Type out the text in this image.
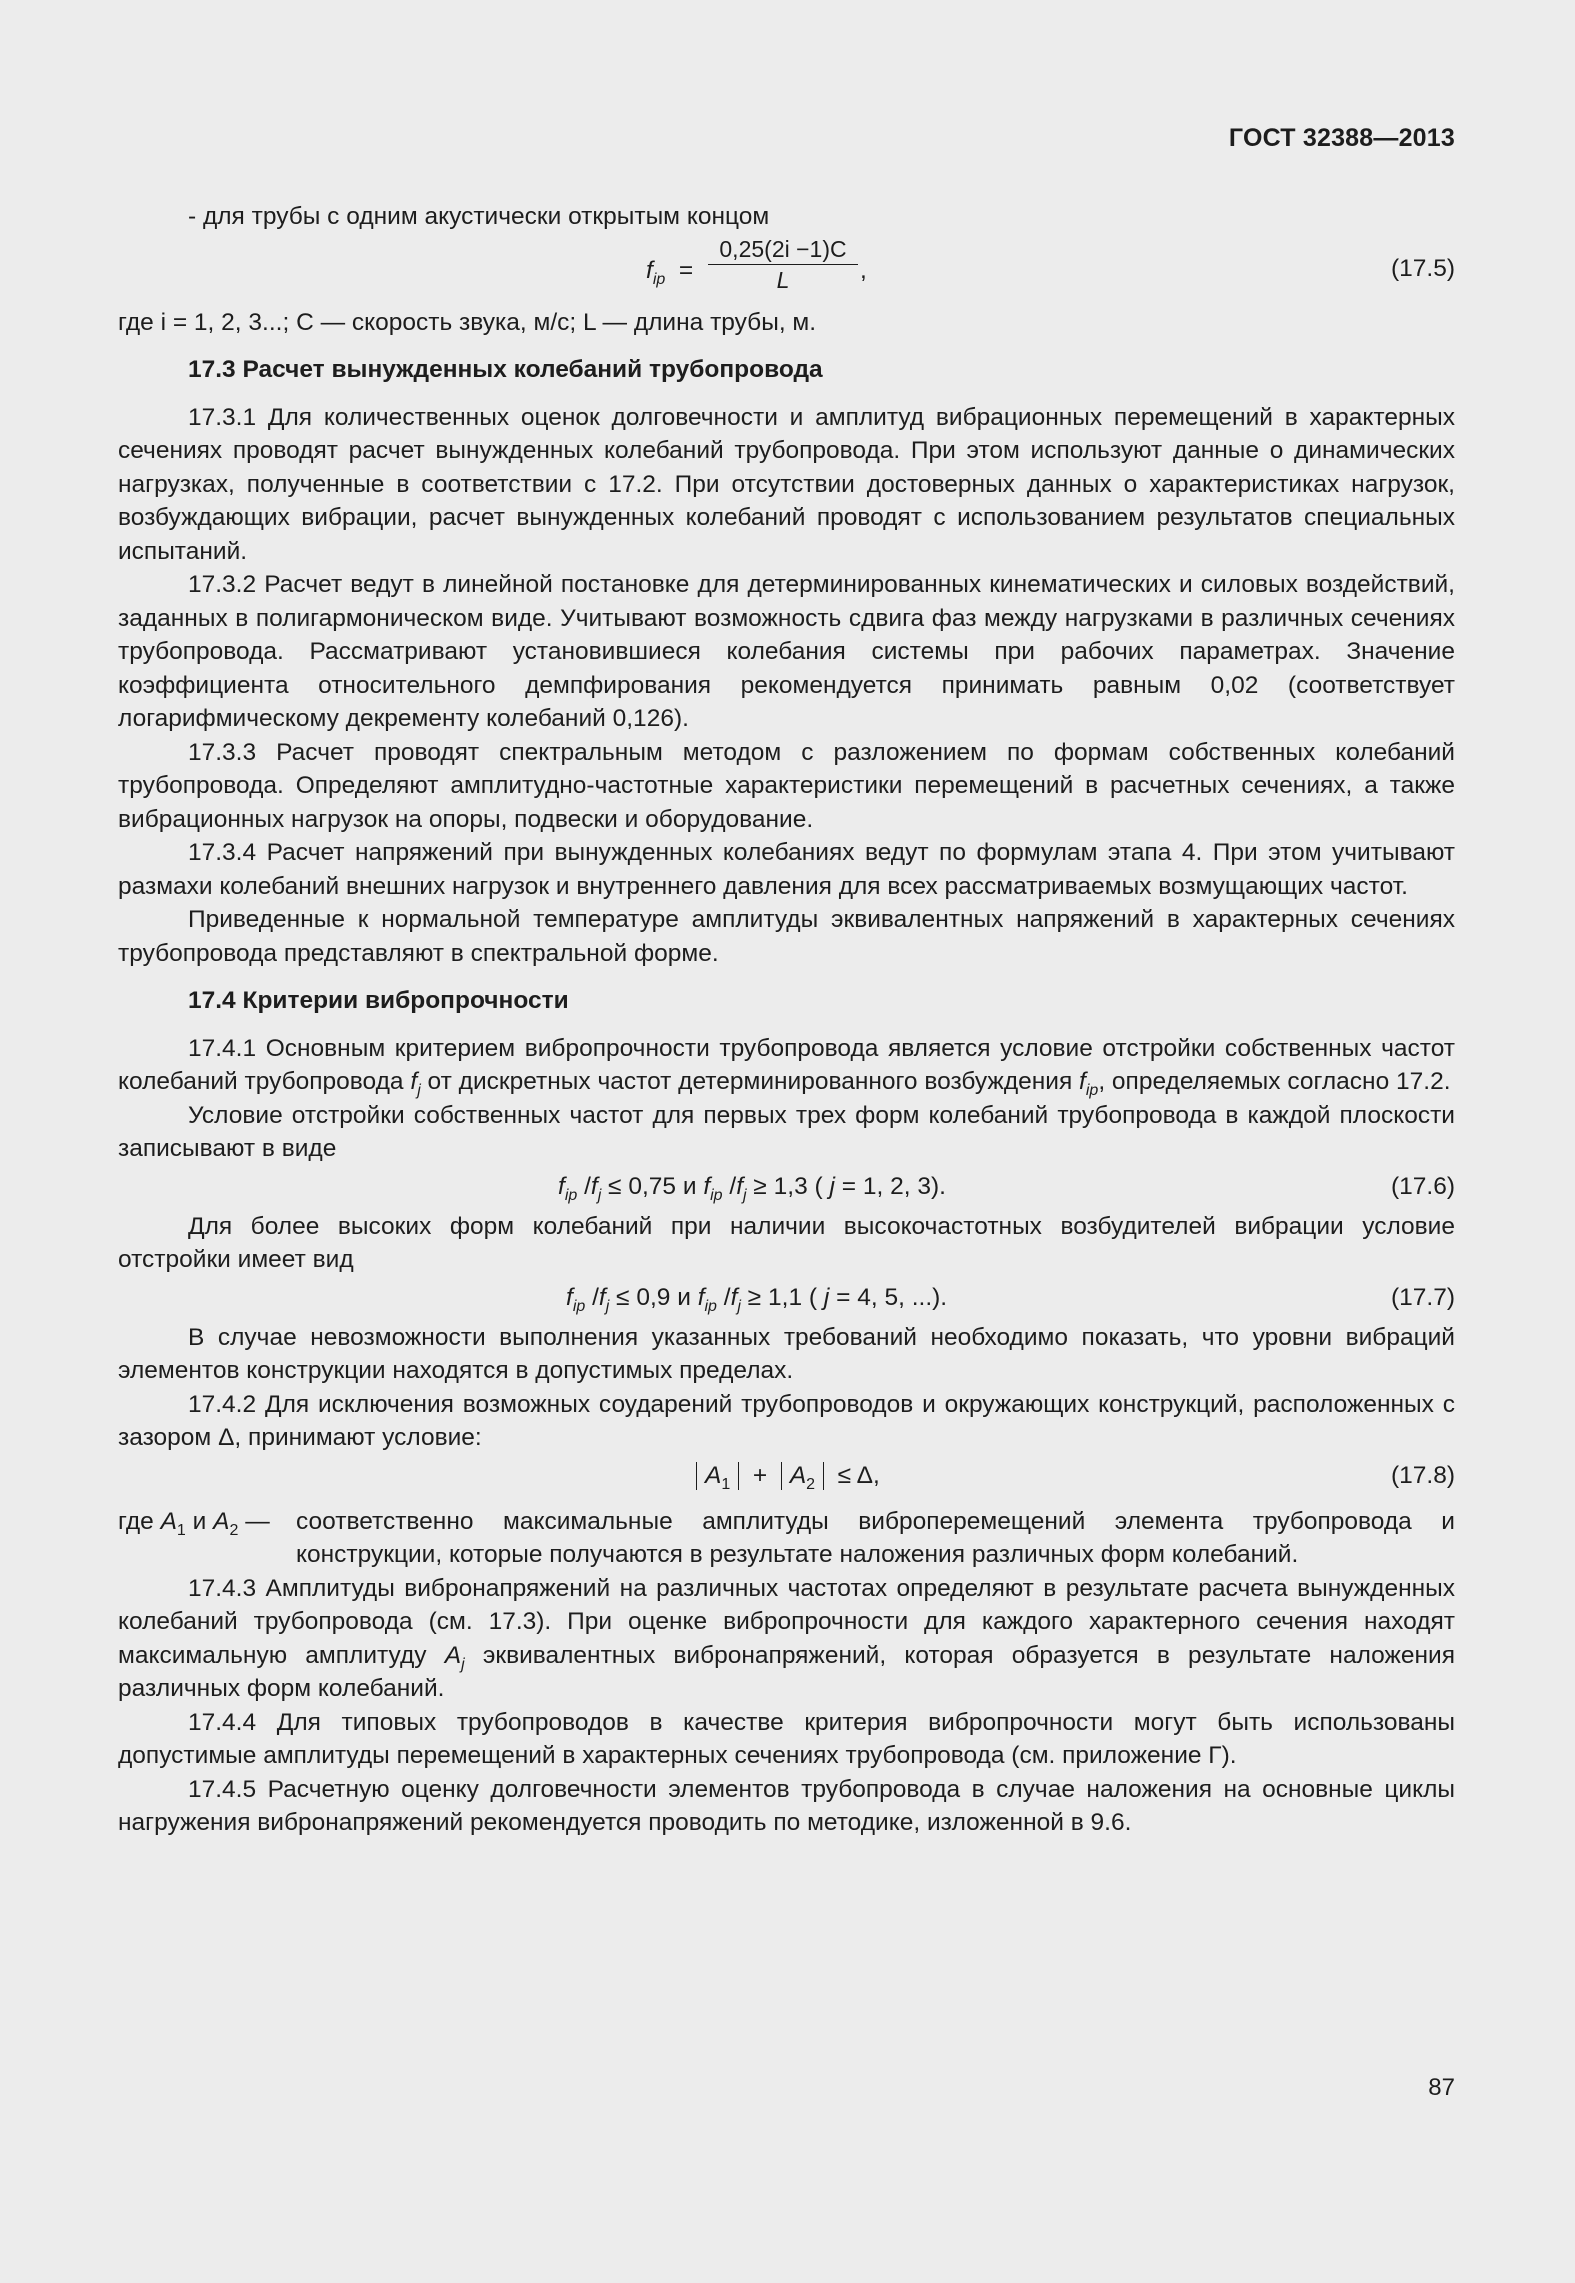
ГОСТ 32388—2013

- для трубы с одним акустически открытым концом

$f_{ip} = \frac{0,25(2i -1)C}{L}$ ,	(17.5)

где i = 1, 2, 3...; C — скорость звука, м/с; L — длина трубы, м.

17.3 Расчет вынужденных колебаний трубопровода

17.3.1 Для количественных оценок долговечности и амплитуд вибрационных перемещений в характерных сечениях проводят расчет вынужденных колебаний трубопровода. При этом используют данные о динамических нагрузках, полученные в соответствии с 17.2. При отсутствии достоверных данных о характеристиках нагрузок, возбуждающих вибрации, расчет вынужденных колебаний проводят с использованием результатов специальных испытаний.

17.3.2 Расчет ведут в линейной постановке для детерминированных кинематических и силовых воздействий, заданных в полигармоническом виде. Учитывают возможность сдвига фаз между нагрузками в различных сечениях трубопровода. Рассматривают установившиеся колебания системы при рабочих параметрах. Значение коэффициента относительного демпфирования рекомендуется принимать равным 0,02 (соответствует логарифмическому декременту колебаний 0,126).

17.3.3 Расчет проводят спектральным методом с разложением по формам собственных колебаний трубопровода. Определяют амплитудно-частотные характеристики перемещений в расчетных сечениях, а также вибрационных нагрузок на опоры, подвески и оборудование.

17.3.4 Расчет напряжений при вынужденных колебаниях ведут по формулам этапа 4. При этом учитывают размахи колебаний внешних нагрузок и внутреннего давления для всех рассматриваемых возмущающих частот.

Приведенные к нормальной температуре амплитуды эквивалентных напряжений в характерных сечениях трубопровода представляют в спектральной форме.

17.4 Критерии вибропрочности

17.4.1 Основным критерием вибропрочности трубопровода является условие отстройки собственных частот колебаний трубопровода $f_j$ от дискретных частот детерминированного возбуждения $f_{ip}$, определяемых согласно 17.2.

Условие отстройки собственных частот для первых трех форм колебаний трубопровода в каждой плоскости записывают в виде

$f_{ip}$ $/f_j \le 0,75$ и $f_{ip}$ $/f_j \ge 1,3$ ( j = 1, 2, 3).	(17.6)

Для более высоких форм колебаний при наличии высокочастотных возбудителей вибрации условие отстройки имеет вид

$f_{ip}$ $/f_j \le 0,9$ и $f_{ip}$ $/f_j \ge 1,1$ ( j = 4, 5, ...).	(17.7)

В случае невозможности выполнения указанных требований необходимо показать, что уровни вибраций элементов конструкции находятся в допустимых пределах.

17.4.2 Для исключения возможных соударений трубопроводов и окружающих конструкций, расположенных с зазором Δ, принимают условие:

$A_1 + A_2 \le \Delta$,	(17.8)
где $A_1$ и $A_2$ — соответственно максимальные амплитуды виброперемещений элемента трубопровода и конструкции, которые получаются в результате наложения различных форм колебаний.

17.4.3 Амплитуды вибронапряжений на различных частотах определяют в результате расчета вынужденных колебаний трубопровода (см. 17.3). При оценке вибропрочности для каждого характерного сечения находят максимальную амплитуду $A_j$ эквивалентных вибронапряжений, которая образуется в результате наложения различных форм колебаний.

17.4.4 Для типовых трубопроводов в качестве критерия вибропрочности могут быть использованы допустимые амплитуды перемещений в характерных сечениях трубопровода (см. приложение Г).

17.4.5 Расчетную оценку долговечности элементов трубопровода в случае наложения на основные циклы нагружения вибронапряжений рекомендуется проводить по методике, изложенной в 9.6.

87
